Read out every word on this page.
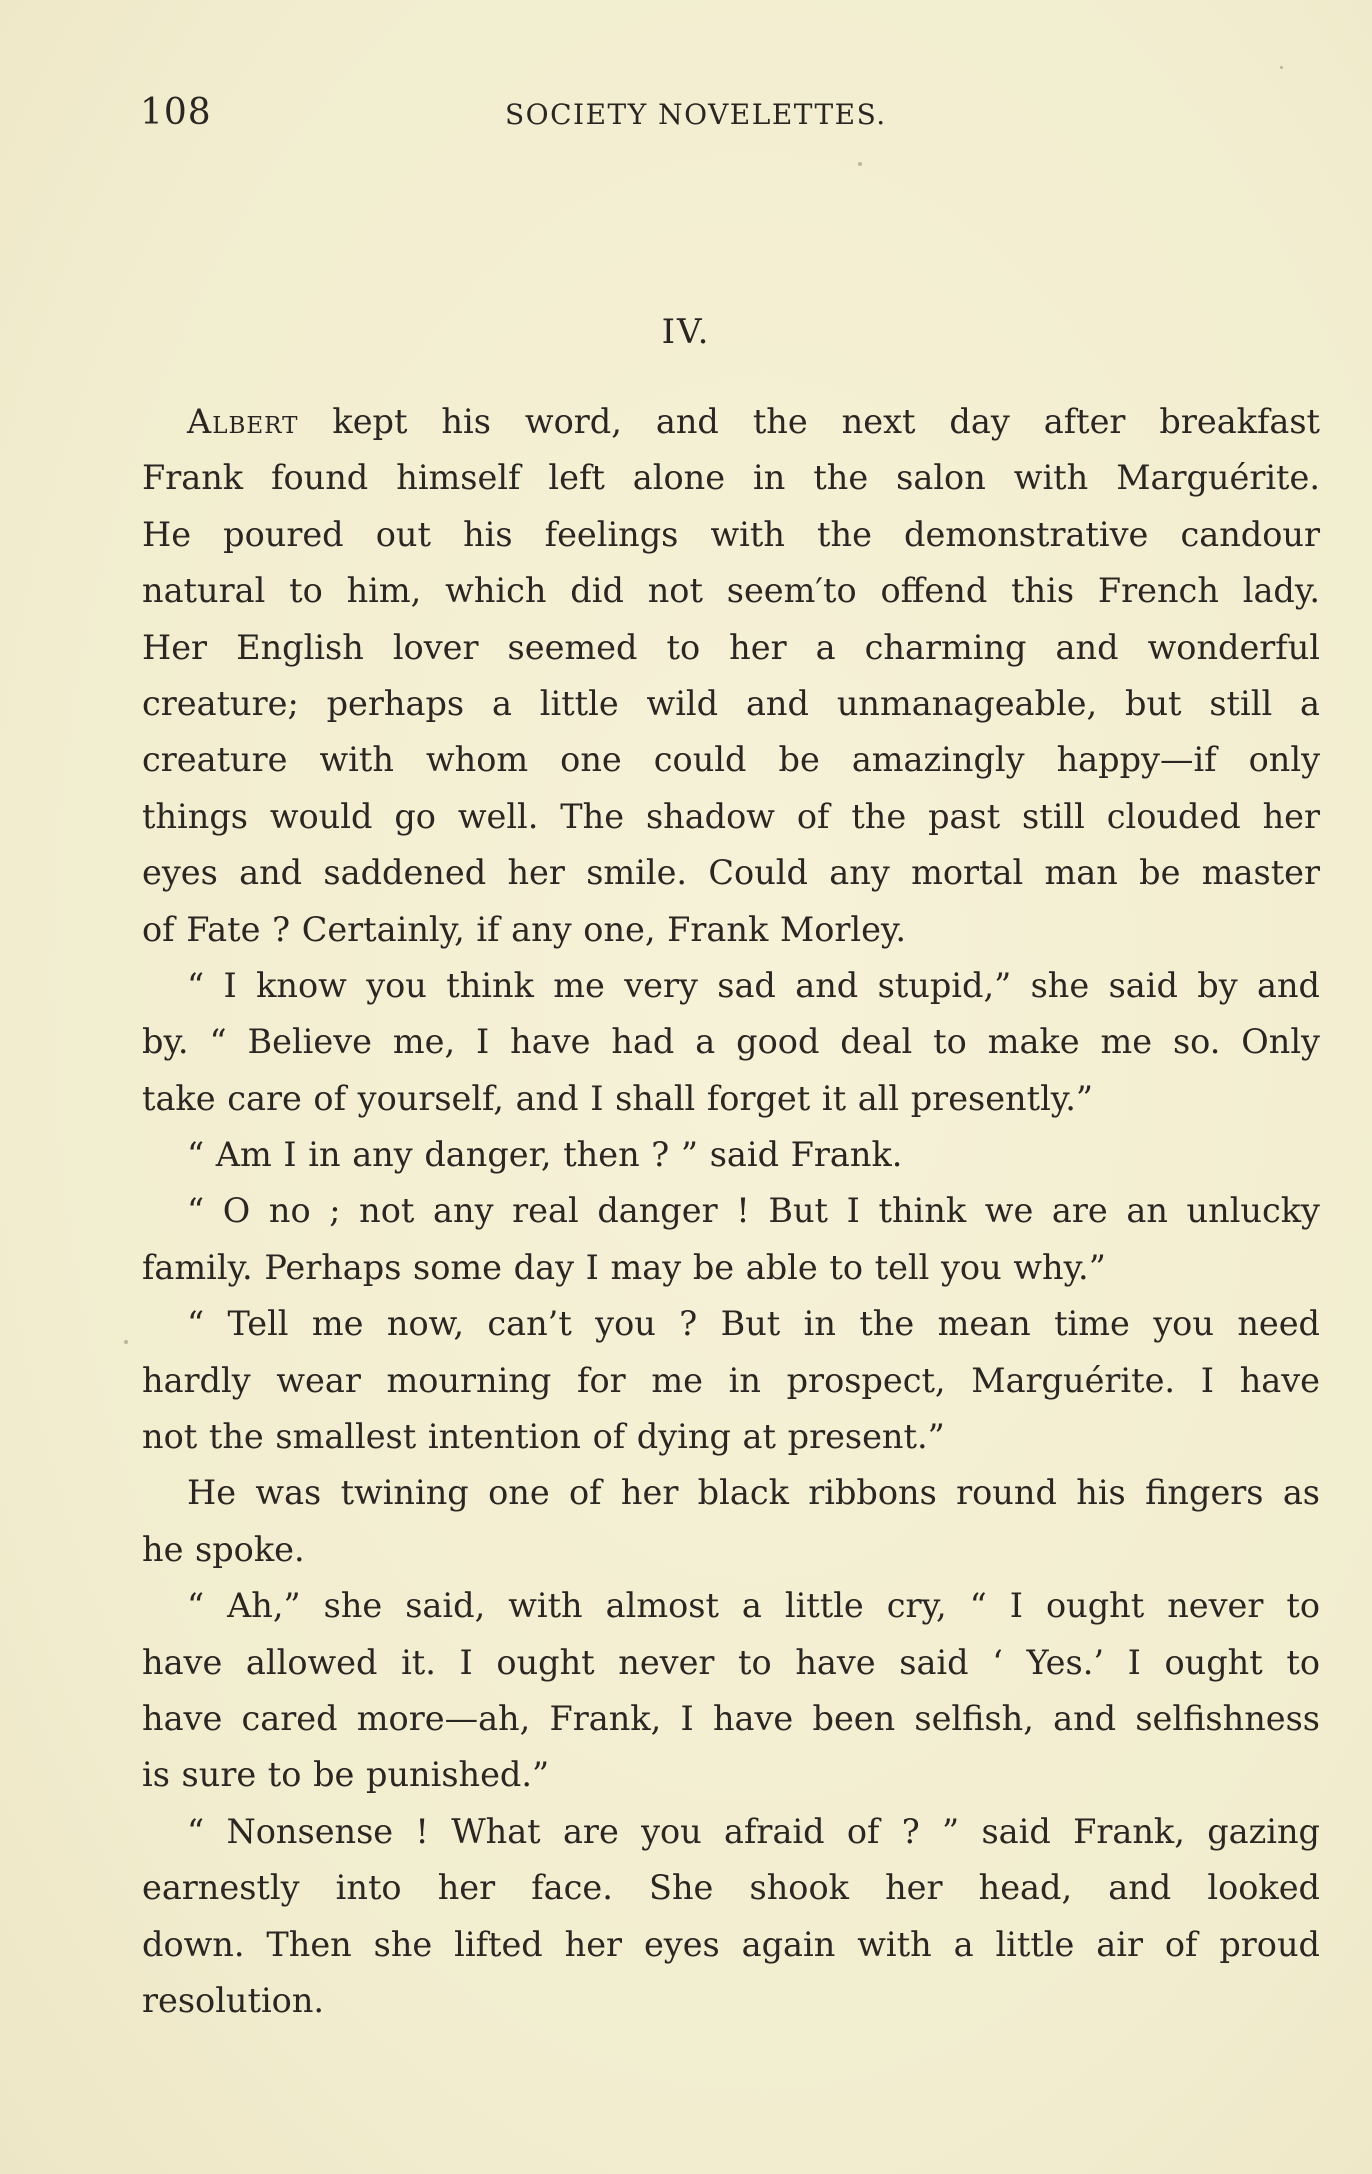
108	SOCIETY NOVELETTES.
IV.
Albert kept his word, and the next day after breakfast
Frank found himself left alone in the salon with Marguérite.
He poured out his feelings with the demonstrative candour
natural to him, which did not seem′to offend this French lady.
Her English lover seemed to her a charming and wonderful
creature; perhaps a little wild and unmanageable, but still a
creature with whom one could be amazingly happy—if only
things would go well. The shadow of the past still clouded her
eyes and saddened her smile. Could any mortal man be master
of Fate ? Certainly, if any one, Frank Morley.
“ I know you think me very sad and stupid,” she said by and
by. “ Believe me, I have had a good deal to make me so. Only
take care of yourself, and I shall forget it all presently.”
“ Am I in any danger, then ? ” said Frank.
“ O no ; not any real danger ! But I think we are an unlucky
family. Perhaps some day I may be able to tell you why.”
“ Tell me now, can’t you ? But in the mean time you need
hardly wear mourning for me in prospect, Marguérite. I have
not the smallest intention of dying at present.”
He was twining one of her black ribbons round his fingers as
he spoke.
“ Ah,” she said, with almost a little cry, “ I ought never to
have allowed it. I ought never to have said ‘ Yes.’ I ought to
have cared more—ah, Frank, I have been selfish, and selfishness
is sure to be punished.”
“ Nonsense ! What are you afraid of ? ” said Frank, gazing
earnestly into her face. She shook her head, and looked
down. Then she lifted her eyes again with a little air of proud
resolution.
